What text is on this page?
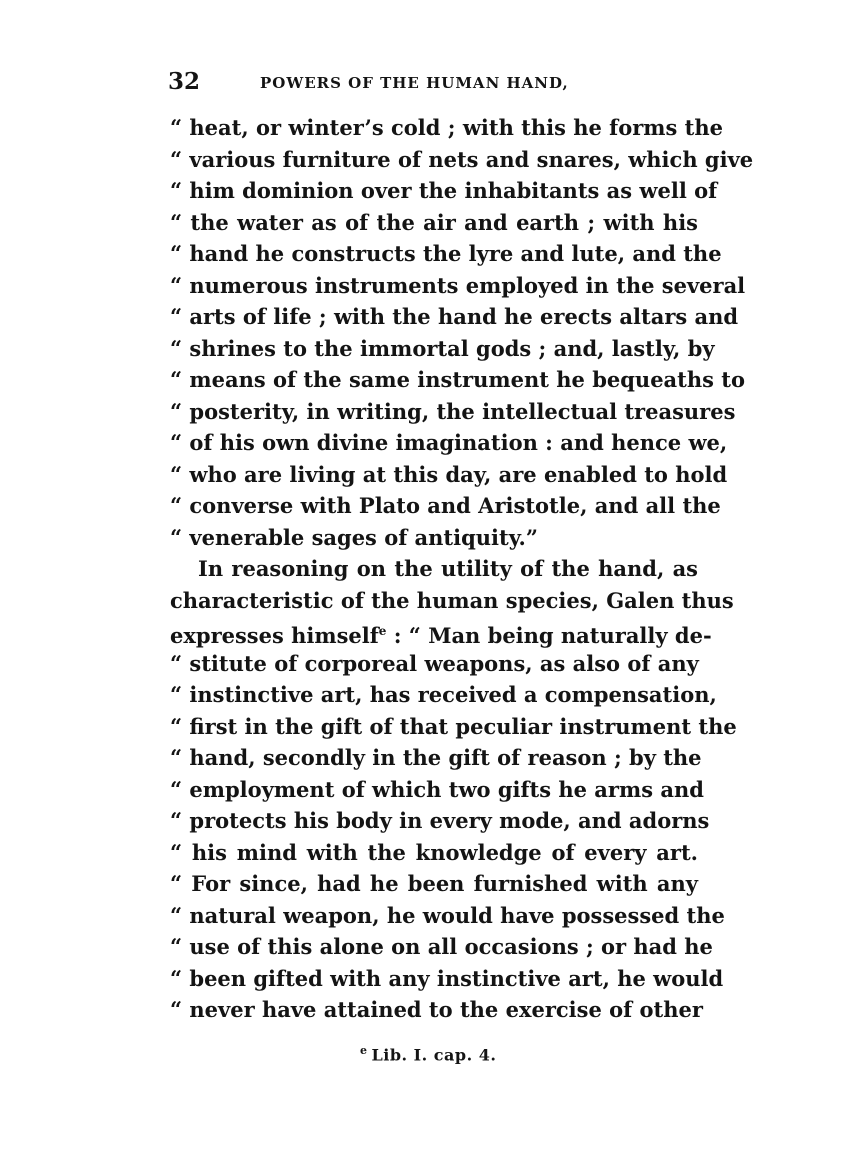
32	POWERS OF THE HUMAN HAND,
“ heat, or winter’s cold ; with this he forms the
“ various furniture of nets and snares, which give
“ him dominion over the inhabitants as well of
“ the water as of the air and earth ; with his
“ hand he constructs the lyre and lute, and the
“ numerous instruments employed in the several
“ arts of life ; with the hand he erects altars and
“ shrines to the immortal gods ; and, lastly, by
“ means of the same instrument he bequeaths to
“ posterity, in writing, the intellectual treasures
“ of his own divine imagination : and hence we,
“ who are living at this day, are enabled to hold
“ converse with Plato and Aristotle, and all the
“ venerable sages of antiquity.”
In reasoning on the utility of the hand, as
characteristic of the human species, Galen thus
expresses himself$^e$ : “ Man being naturally de-
“ stitute of corporeal weapons, as also of any
“ instinctive art, has received a compensation,
“ first in the gift of that peculiar instrument the
“ hand, secondly in the gift of reason ; by the
“ employment of which two gifts he arms and
“ protects his body in every mode, and adorns
“ his mind with the knowledge of every art.
“ For since, had he been furnished with any
“ natural weapon, he would have possessed the
“ use of this alone on all occasions ; or had he
“ been gifted with any instinctive art, he would
“ never have attained to the exercise of other
$^e$ Lib. I. cap. 4.
